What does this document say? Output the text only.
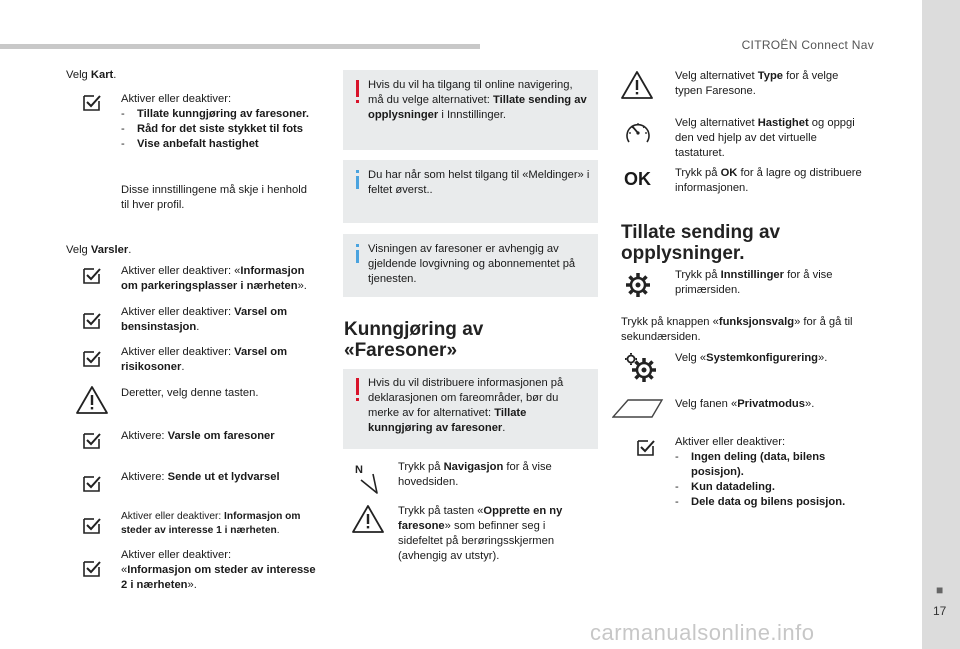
CITROËN Connect Nav
■
17
Velg Kart.
Aktiver eller deaktiver:
- Tillate kunngjøring av faresoner.
- Råd for det siste stykket til fots
- Vise anbefalt hastighet
Disse innstillingene må skje i henhold til hver profil.
Velg Varsler.
Aktiver eller deaktiver: «Informasjon om parkeringsplasser i nærheten».
Aktiver eller deaktiver: Varsel om bensinstasjon.
Aktiver eller deaktiver: Varsel om risikosoner.
Deretter, velg denne tasten.
Aktivere: Varsle om faresoner
Aktivere: Sende ut et lydvarsel
Aktiver eller deaktiver: Informasjon om steder av interesse 1 i nærheten.
Aktiver eller deaktiver:
«Informasjon om steder av interesse 2 i nærheten».
Hvis du vil ha tilgang til online navigering, må du velge alternativet: Tillate sending av opplysninger i Innstillinger.
Du har når som helst tilgang til «Meldinger» i feltet øverst..
Visningen av faresoner er avhengig av gjeldende lovgivning og abonnementet på tjenesten.
Kunngjøring av «Faresoner»
Hvis du vil distribuere informasjonen på deklarasjonen om fareområder, bør du merke av for alternativet: Tillate kunngjøring av faresoner.
N	Trykk på Navigasjon for å vise hovedsiden.
Trykk på tasten «Opprette en ny faresone» som befinner seg i sidefeltet på berøringsskjermen (avhengig av utstyr).
Velg alternativet Type for å velge typen Faresone.
Velg alternativet Hastighet og oppgi den ved hjelp av det virtuelle tastaturet.
OK Trykk på OK for å lagre og distribuere informasjonen.
Tillate sending av opplysninger.
Trykk på Innstillinger for å vise primærsiden.
Trykk på knappen «funksjonsvalg» for å gå til sekundærsiden.
Velg «Systemkonfigurering».
Velg fanen «Privatmodus».
Aktiver eller deaktiver:
- Ingen deling (data, bilens posisjon).
- Kun datadeling.
- Dele data og bilens posisjon.
carmanualsonline.info
